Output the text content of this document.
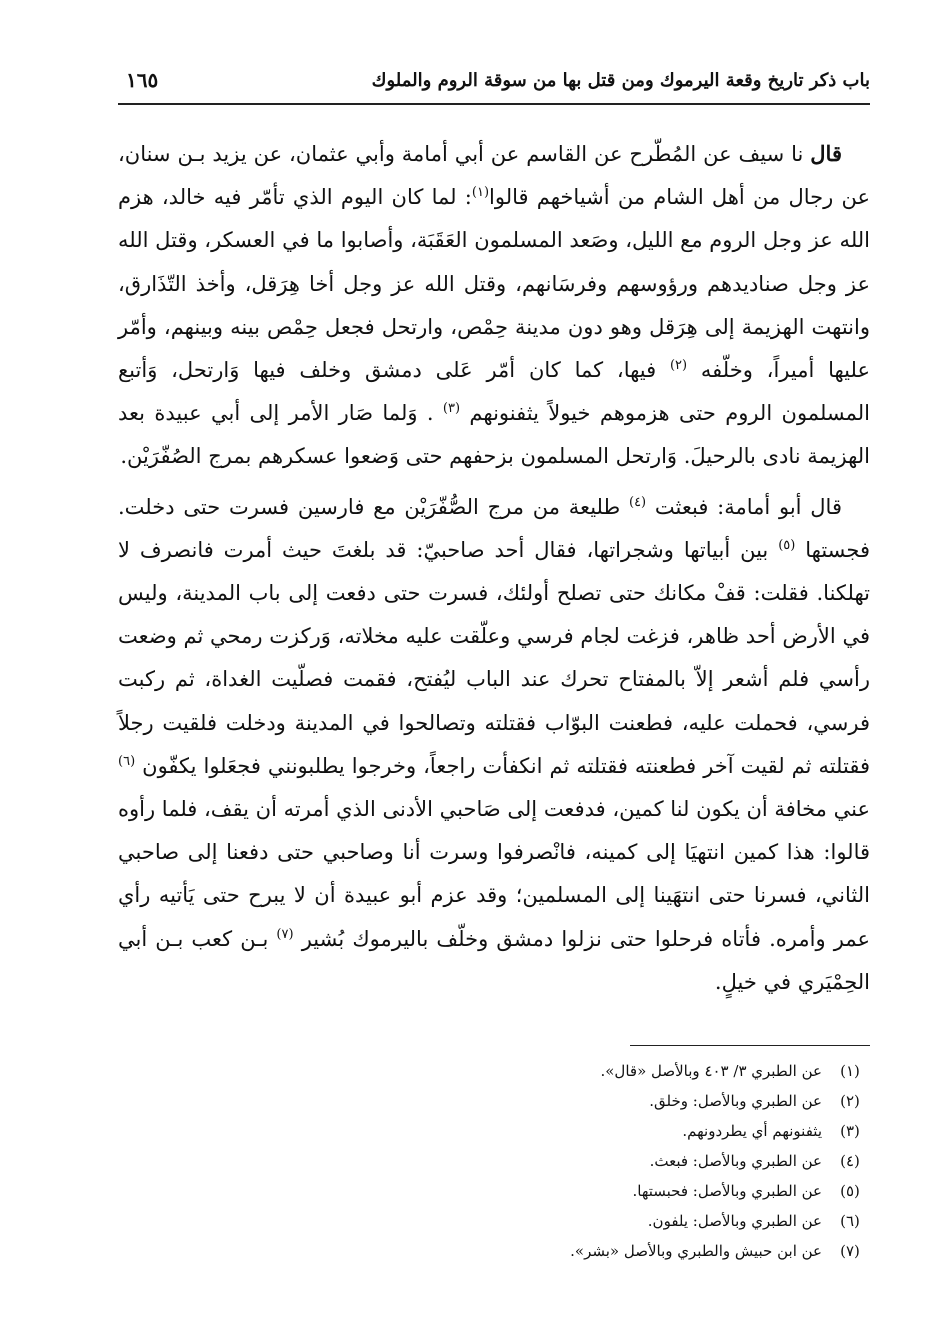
باب ذكر تاريخ وقعة اليرموك ومن قتل بها من سوقة الروم والملوك
١٦٥

قال نا سيف عن المُطّرح عن القاسم عن أبي أمامة وأبي عثمان، عن يزيد بـن سنان، عن رجال من أهل الشام من أشياخهم قالوا$^{(١)}$: لما كان اليوم الذي تأمّر فيه خالد، هزم الله عز وجل الروم مع الليل، وصَعد المسلمون العَقَبَة، وأصابوا ما في العسكر، وقتل الله عز وجل صناديدهم ورؤوسهم وفرسَانهم، وقتل الله عز وجل أخا هِرَقل، وأخذ التّذَارق، وانتهت الهزيمة إلى هِرَقل وهو دون مدينة حِمْص، وارتحل فجعل حِمْص بينه وبينهم، وأمّر عليها أميراً، وخلّفه $^{(٢)}$ فيها، كما كان أمّر عَلى دمشق وخلف فيها وَارتحل، وَأتبع المسلمون الروم حتى هزموهم خيولاً يثفنونهم $^{(٣)}$ . وَلما صَار الأمر إلى أبي عبيدة بعد الهزيمة نادى بالرحيلَ. وَارتحل المسلمون بزحفهم حتى وَضعوا عسكرهم بمرج الصُفّرَيْن.

قال أبو أمامة: فبعثت $^{(٤)}$ طليعة من مرج الصُّفّرَيْن مع فارسين فسرت حتى دخلت. فجستها $^{(٥)}$ بين أبياتها وشجراتها، فقال أحد صاحبيّ: قد بلغتَ حيث أمرت فانصرف لا تهلكنا. فقلت: قفْ مكانك حتى تصلح أولئك، فسرت حتى دفعت إلى باب المدينة، وليس في الأرض أحد ظاهر، فزغت لجام فرسي وعلّقت عليه مخلاته، وَركزت رمحي ثم وضعت رأسي فلم أشعر إلاّ بالمفتاح تحرك عند الباب ليُفتح، فقمت فصلّيت الغداة، ثم ركبت فرسي، فحملت عليه، فطعنت البوّاب فقتلته وتصالحوا في المدينة ودخلت فلقيت رجلاً فقتلته ثم لقيت آخر فطعنته فقتلته ثم انكفأت راجعاً، وخرجوا يطلبونني فجعَلوا يكفّون $^{(٦)}$ عني مخافة أن يكون لنا كمين، فدفعت إلى صَاحبي الأدنى الذي أمرته أن يقف، فلما رأوه قالوا: هذا كمين انتهيَا إلى كمينه، فانْصرفوا وسرت أنا وصاحبي حتى دفعنا إلى صاحبي الثاني، فسرنا حتى انتهَينا إلى المسلمين؛ وقد عزم أبو عبيدة أن لا يبرح حتى يَأتيه رأي عمر وأمره. فأتاه فرحلوا حتى نزلوا دمشق وخلّف باليرموك بُشير $^{(٧)}$ بـن كعب بـن أبي الحِمْيَري في خيلٍ.

(١)عن الطبري ٣/ ٤٠٣ وبالأصل «قال».
(٢)عن الطبري وبالأصل: وخلق.
(٣)يثفنونهم أي يطردونهم.
(٤)عن الطبري وبالأصل: فبعث.
(٥)عن الطبري وبالأصل: فحبستها.
(٦)عن الطبري وبالأصل: يلفون.
(٧)عن ابن حبيش والطبري وبالأصل «بشر».
